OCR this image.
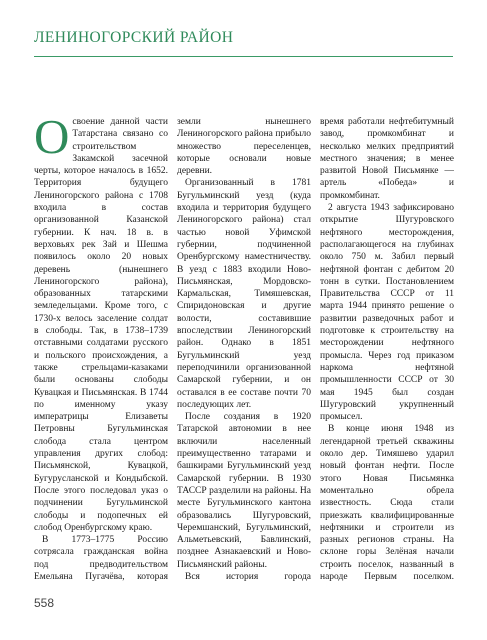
ЛЕНИНОГОРСКИЙ РАЙОН

Освоение данной части Татарстана связано со строительством Закамской засечной черты, которое началось в 1652. Территория будущего Лениногорского района с 1708 входила в состав организованной Казанской губернии. К нач. 18 в. в верховьях рек Зай и Шешма появилось около 20 новых деревень (нынешнего Лениногорского района), образованных татарскими земледельцами. Кроме того, с 1730-х велось заселение солдат в слободы. Так, в 1738–1739 отставными солдатами русского и польского происхождения, а также стрельцами-казаками были основаны слободы Кувацкая и Письмянская. В 1744 по именному указу императрицы Елизаветы Петровны Бугульминская слобода стала центром управления других слобод: Письмянской, Кувацкой, Бугурусланской и Кондыбской. После этого последовал указ о подчинении Бугульминской слободы и подопечных ей слобод Оренбургскому краю.

В 1773–1775 Россию сотрясала гражданская война под предводительством Емельяна Пугачёва, которая

земли нынешнего Лениногорского района прибыло множество переселенцев, которые основали новые деревни.

Организованный в 1781 Бугульминский уезд (куда входила и территория будущего Лениногорского района) стал частью новой Уфимской губернии, подчиненной Оренбургскому наместничеству. В уезд с 1883 входили Ново-Письмянская, Мордовско-Кармальская, Тимяшевская, Спиридоновская и другие волости, составившие впоследствии Лениногорский район. Однако в 1851 Бугульминский уезд переподчинили организованной Самарской губернии, и он оставался в ее составе почти 70 последующих лет.

После создания в 1920 Татарской автономии в нее включили населенный преимущественно татарами и башкирами Бугульминский уезд Самарской губернии. В 1930 ТАССР разделили на районы. На месте Бугульминского кантона образовались Шугуровский, Черемшанский, Бугульминский, Альметьевский, Бавлинский, позднее Азнакаевский и Ново-Письмянский районы.

Вся история города

время работали нефтебитумный завод, промкомбинат и несколько мелких предприятий местного значения; в менее развитой Новой Письмянке — артель «Победа» и промкомбинат.

2 августа 1943 зафиксировано открытие Шугуровского нефтяного месторождения, располагающегося на глубинах около 750 м. Забил первый нефтяной фонтан с дебитом 20 тонн в сутки. Постановлением Правительства СССР от 11 марта 1944 принято решение о развитии разведочных работ и подготовке к строительству на месторождении нефтяного промысла. Через год приказом наркома нефтяной промышленности СССР от 30 мая 1945 был создан Шугуровский укрупненный промысел.

В конце июня 1948 из легендарной третьей скважины около дер. Тимяшево ударил новый фонтан нефти. После этого Новая Письмянка моментально обрела известность. Сюда стали приезжать квалифицированные нефтяники и строители из разных регионов страны. На склоне горы Зелёная начали строить поселок, названный в народе Первым поселком.

558
